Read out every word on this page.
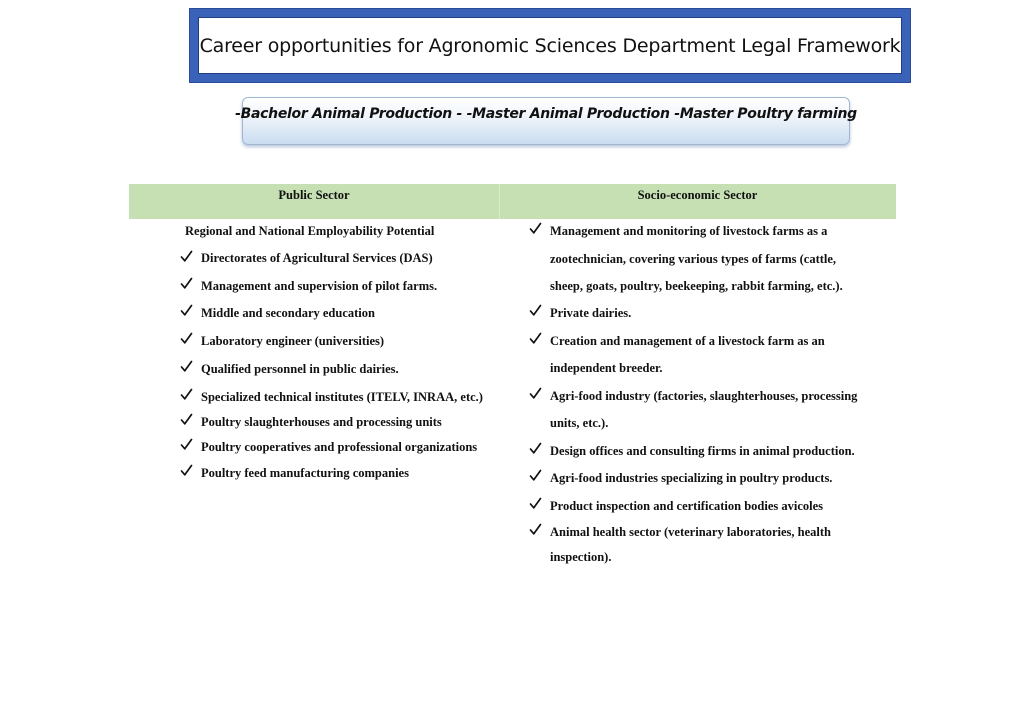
Career opportunities for Agronomic Sciences Department Legal Framework
-Bachelor Animal Production - -Master Animal Production -Master Poultry farming
Public Sector	Socio-economic Sector
Regional and National Employability Potential
Directorates of Agricultural Services (DAS)
Management and supervision of pilot farms.
Middle and secondary education
Laboratory engineer (universities)
Qualified personnel in public dairies.
Specialized technical institutes (ITELV, INRAA, etc.)
Poultry slaughterhouses and processing units
Poultry cooperatives and professional organizations
Poultry feed manufacturing companies
Management and monitoring of livestock farms as a
zootechnician, covering various types of farms (cattle,
sheep, goats, poultry, beekeeping, rabbit farming, etc.).
Private dairies.
Creation and management of a livestock farm as an
independent breeder.
Agri-food industry (factories, slaughterhouses, processing
units, etc.).
Design offices and consulting firms in animal production.
Agri-food industries specializing in poultry products.
Product inspection and certification bodies avicoles
Animal health sector (veterinary laboratories, health
inspection).
